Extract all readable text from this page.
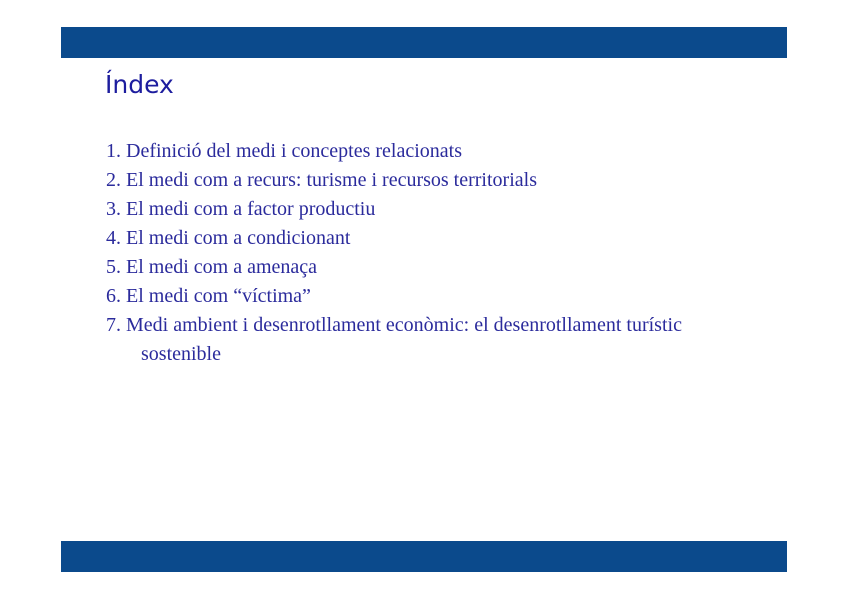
Índex
1. Definició del medi i conceptes relacionats
2. El medi com a recurs: turisme i recursos territorials
3. El medi com a factor productiu
4. El medi com a condicionant
5. El medi com a amenaça
6. El medi com “víctima”
7. Medi ambient i desenrotllament econòmic: el desenrotllament turístic sostenible
